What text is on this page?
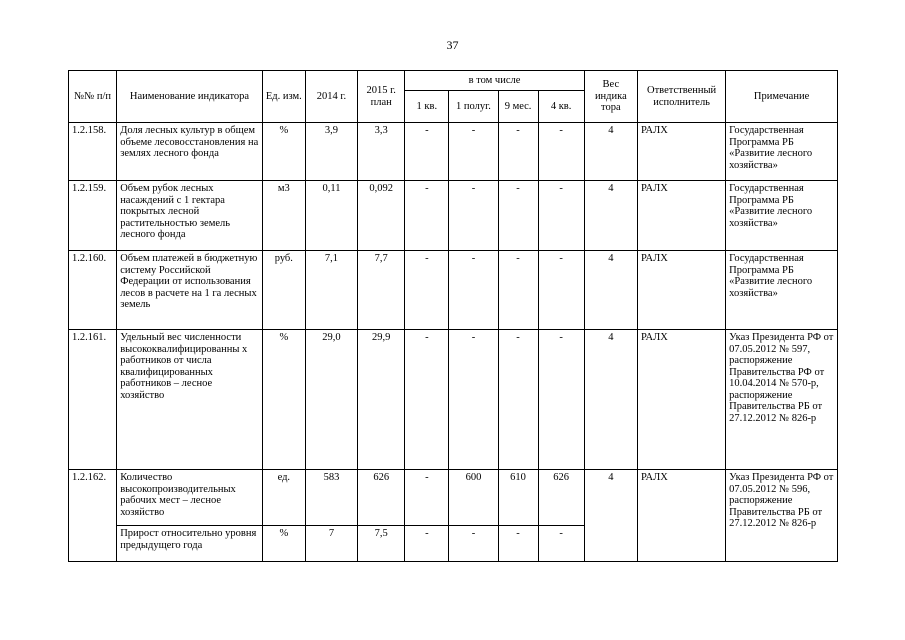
37
№№ п/п	Наименование индикатора	Ед. изм.	2014 г.	2015 г. план	в том числе				Вес индика тора	Ответственный исполнитель	Примечание
					1 кв.	1 полуг.	9 мес.	4 кв.			
1.2.158.	Доля лесных культур в общем объеме лесовосстановления на землях лесного фонда	%	3,9	3,3	-	-	-	-	4	РАЛХ	Государственная Программа РБ «Развитие лесного хозяйства»
1.2.159.	Объем рубок лесных насаждений с 1 гектара покрытых лесной растительностью земель лесного фонда	м3	0,11	0,092	-	-	-	-	4	РАЛХ	Государственная Программа РБ «Развитие лесного хозяйства»
1.2.160.	Объем платежей в бюджетную систему Российской Федерации от использования лесов в расчете на 1 га лесных земель	руб.	7,1	7,7	-	-	-	-	4	РАЛХ	Государственная Программа РБ «Развитие лесного хозяйства»
1.2.161.	Удельный вес численности высококвалифицированны х работников от числа квалифицированных работников – лесное хозяйство	%	29,0	29,9	-	-	-	-	4	РАЛХ	Указ Президента РФ от 07.05.2012 № 597, распоряжение Правительства РФ от 10.04.2014 № 570-р, распоряжение Правительства РБ от 27.12.2012 № 826-р
1.2.162.	Количество высокопроизводительных рабочих мест – лесное хозяйство	ед.	583	626	-	600	610	626	4	РАЛХ	Указ Президента РФ от 07.05.2012 № 596, распоряжение Правительства РБ от 27.12.2012 № 826-р
	Прирост относительно уровня предыдущего года	%	7	7,5	-	-	-	-			
